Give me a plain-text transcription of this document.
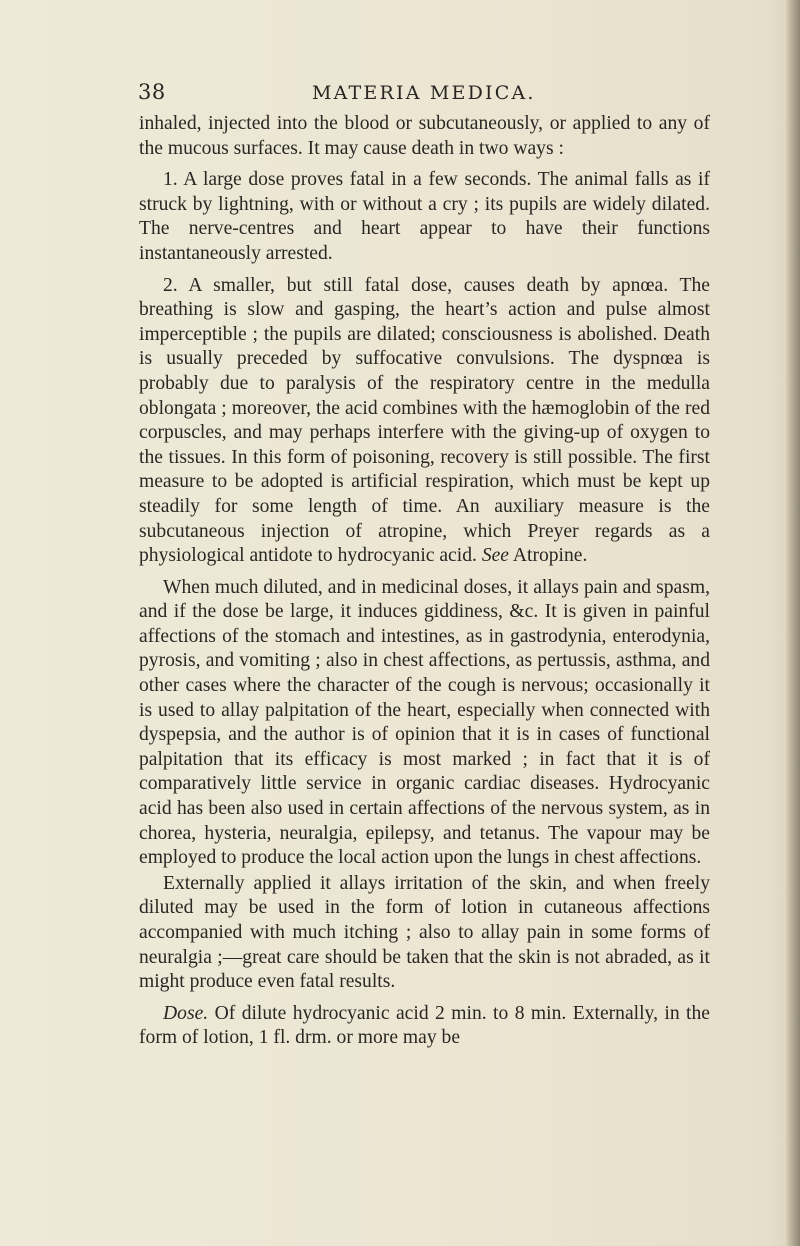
38	MATERIA MEDICA.

inhaled, injected into the blood or subcutaneously, or applied to any of the mucous surfaces. It may cause death in two ways :

1. A large dose proves fatal in a few seconds. The animal falls as if struck by lightning, with or without a cry ; its pupils are widely dilated. The nerve-centres and heart appear to have their functions instantaneously arrested.

2. A smaller, but still fatal dose, causes death by apnœa. The breathing is slow and gasping, the heart’s action and pulse almost imperceptible ; the pupils are dilated; consciousness is abolished. Death is usually preceded by suffocative convulsions. The dyspnœa is probably due to paralysis of the respiratory centre in the medulla oblongata ; moreover, the acid combines with the hæmoglobin of the red corpuscles, and may perhaps interfere with the giving-up of oxygen to the tissues. In this form of poisoning, recovery is still possible. The first measure to be adopted is artificial respiration, which must be kept up steadily for some length of time. An auxiliary measure is the subcutaneous injection of atropine, which Preyer regards as a physiological antidote to hydrocyanic acid. See Atropine.

When much diluted, and in medicinal doses, it allays pain and spasm, and if the dose be large, it induces giddiness, &c. It is given in painful affections of the stomach and intestines, as in gastrodynia, enterodynia, pyrosis, and vomiting ; also in chest affections, as pertussis, asthma, and other cases where the character of the cough is nervous; occasionally it is used to allay palpitation of the heart, especially when connected with dyspepsia, and the author is of opinion that it is in cases of functional palpitation that its efficacy is most marked ; in fact that it is of comparatively little service in organic cardiac diseases. Hydrocyanic acid has been also used in certain affections of the nervous system, as in chorea, hysteria, neuralgia, epilepsy, and tetanus. The vapour may be employed to produce the local action upon the lungs in chest affections.

Externally applied it allays irritation of the skin, and when freely diluted may be used in the form of lotion in cutaneous affections accompanied with much itching ; also to allay pain in some forms of neuralgia ;—great care should be taken that the skin is not abraded, as it might produce even fatal results.

Dose. Of dilute hydrocyanic acid 2 min. to 8 min. Externally, in the form of lotion, 1 fl. drm. or more may be
